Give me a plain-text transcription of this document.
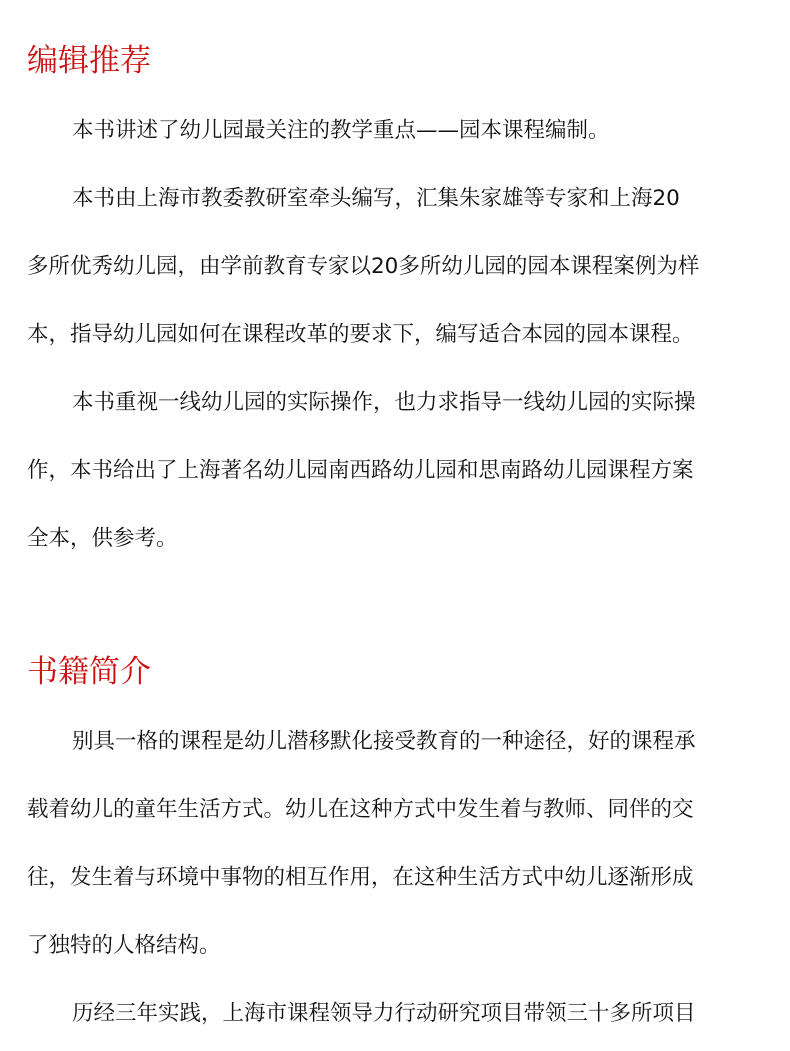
编辑推荐

本书讲述了幼儿园最关注的教学重点——园本课程编制。

本书由上海市教委教研室牵头编写，汇集朱家雄等专家和上海20

多所优秀幼儿园，由学前教育专家以20多所幼儿园的园本课程案例为样

本，指导幼儿园如何在课程改革的要求下，编写适合本园的园本课程。

本书重视一线幼儿园的实际操作，也力求指导一线幼儿园的实际操

作，本书给出了上海著名幼儿园南西路幼儿园和思南路幼儿园课程方案

全本，供参考。

书籍简介

别具一格的课程是幼儿潜移默化接受教育的一种途径，好的课程承

载着幼儿的童年生活方式。幼儿在这种方式中发生着与教师、同伴的交

往，发生着与环境中事物的相互作用，在这种生活方式中幼儿逐渐形成

了独特的人格结构。

历经三年实践，上海市课程领导力行动研究项目带领三十多所项目
